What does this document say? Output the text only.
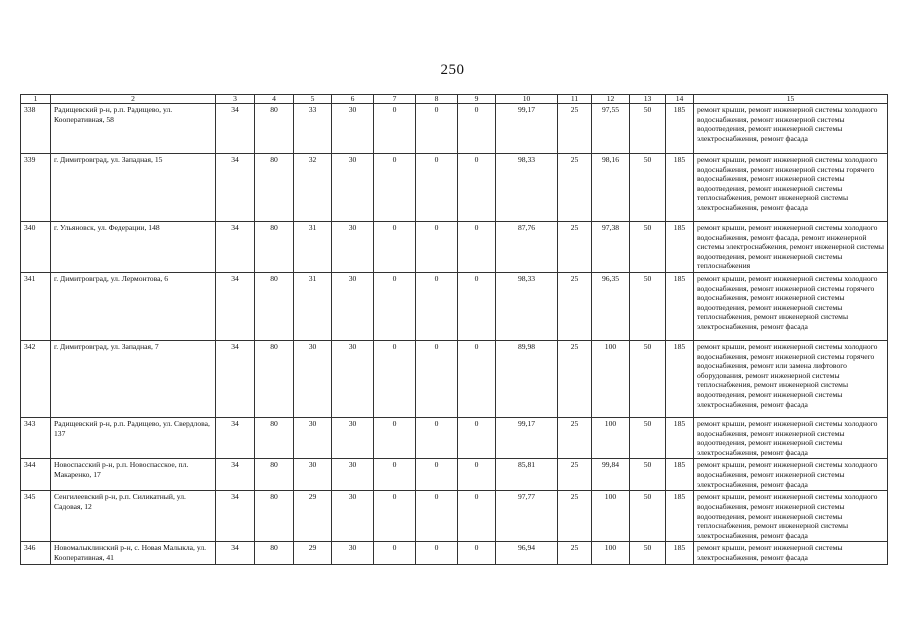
250
1	2	3	4	5	6	7	8	9	10	11	12	13	14	15
338	Радищевский р-н, р.п. Радищево, ул. Кооперативная, 58	34	80	33	30	0	0	0	99,17	25	97,55	50	185	ремонт крыши, ремонт инженерной системы холодного водоснабжения, ремонт инженерной системы водоотведения, ремонт инженерной системы электроснабжения, ремонт фасада
339	г. Димитровград, ул. Западная, 15	34	80	32	30	0	0	0	98,33	25	98,16	50	185	ремонт крыши, ремонт инженерной системы холодного водоснабжения, ремонт инженерной системы горячего водоснабжения, ремонт инженерной системы водоотведения, ремонт инженерной системы теплоснабжения, ремонт инженерной системы электроснабжения, ремонт фасада
340	г. Ульяновск, ул. Федерации, 148	34	80	31	30	0	0	0	87,76	25	97,38	50	185	ремонт крыши, ремонт инженерной системы холодного водоснабжения, ремонт фасада, ремонт инженерной системы электроснабжения, ремонт инженерной системы водоотведения, ремонт инженерной системы теплоснабжения
341	г. Димитровград, ул. Лермонтова, 6	34	80	31	30	0	0	0	98,33	25	96,35	50	185	ремонт крыши, ремонт инженерной системы холодного водоснабжения, ремонт инженерной системы горячего водоснабжения, ремонт инженерной системы водоотведения, ремонт инженерной системы теплоснабжения, ремонт инженерной системы электроснабжения, ремонт фасада
342	г. Димитровград, ул. Западная, 7	34	80	30	30	0	0	0	89,98	25	100	50	185	ремонт крыши, ремонт инженерной системы холодного водоснабжения, ремонт инженерной системы горячего водоснабжения, ремонт или замена лифтового оборудования, ремонт инженерной системы теплоснабжения, ремонт инженерной системы водоотведения, ремонт инженерной системы электроснабжения, ремонт фасада
343	Радищевский р-н, р.п. Радищево, ул. Свердлова, 137	34	80	30	30	0	0	0	99,17	25	100	50	185	ремонт крыши, ремонт инженерной системы холодного водоснабжения, ремонт инженерной системы водоотведения, ремонт инженерной системы электроснабжения, ремонт фасада
344	Новоспасский р-н, р.п. Новоспасское, пл. Макаренко, 17	34	80	30	30	0	0	0	85,81	25	99,84	50	185	ремонт крыши, ремонт инженерной системы холодного водоснабжения, ремонт инженерной системы электроснабжения, ремонт фасада
345	Сенгилеевский р-н, р.п. Силикатный, ул. Садовая, 12	34	80	29	30	0	0	0	97,77	25	100	50	185	ремонт крыши, ремонт инженерной системы холодного водоснабжения, ремонт инженерной системы водоотведения, ремонт инженерной системы теплоснабжения, ремонт инженерной системы электроснабжения, ремонт фасада
346	Новомалыклинский р-н, с. Новая Малыкла, ул. Кооперативная, 41	34	80	29	30	0	0	0	96,94	25	100	50	185	ремонт крыши, ремонт инженерной системы электроснабжения, ремонт фасада
